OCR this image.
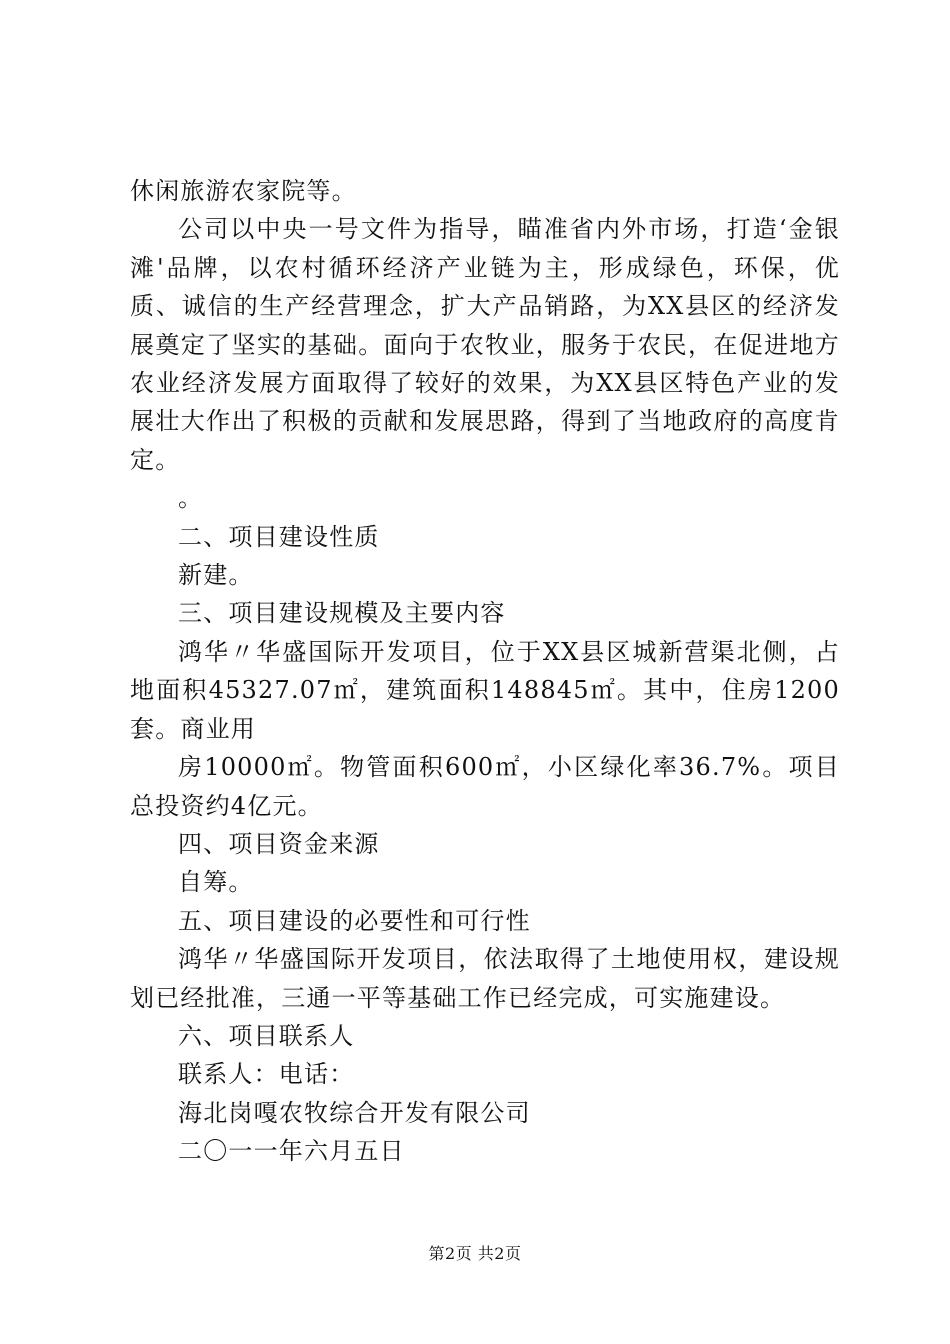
休闲旅游农家院等。

公司以中央一号文件为指导，瞄准省内外市场，打造‘金银滩'品牌，以农村循环经济产业链为主，形成绿色，环保，优质、诚信的生产经营理念，扩大产品销路，为XX县区的经济发展奠定了坚实的基础。面向于农牧业，服务于农民，在促进地方农业经济发展方面取得了较好的效果，为XX县区特色产业的发展壮大作出了积极的贡献和发展思路，得到了当地政府的高度肯定。

。

二、项目建设性质

新建。

三、项目建设规模及主要内容

鸿华〃华盛国际开发项目，位于XX县区城新营渠北侧，占地面积45327.07㎡，建筑面积148845㎡。其中，住房1200套。商业用

房10000㎡。物管面积600㎡，小区绿化率36.7%。项目总投资约4亿元。

四、项目资金来源

自筹。

五、项目建设的必要性和可行性

鸿华〃华盛国际开发项目，依法取得了土地使用权，建设规划已经批准，三通一平等基础工作已经完成，可实施建设。

六、项目联系人

联系人：电话：

海北岗嘎农牧综合开发有限公司

二〇一一年六月五日

第2页 共2页
